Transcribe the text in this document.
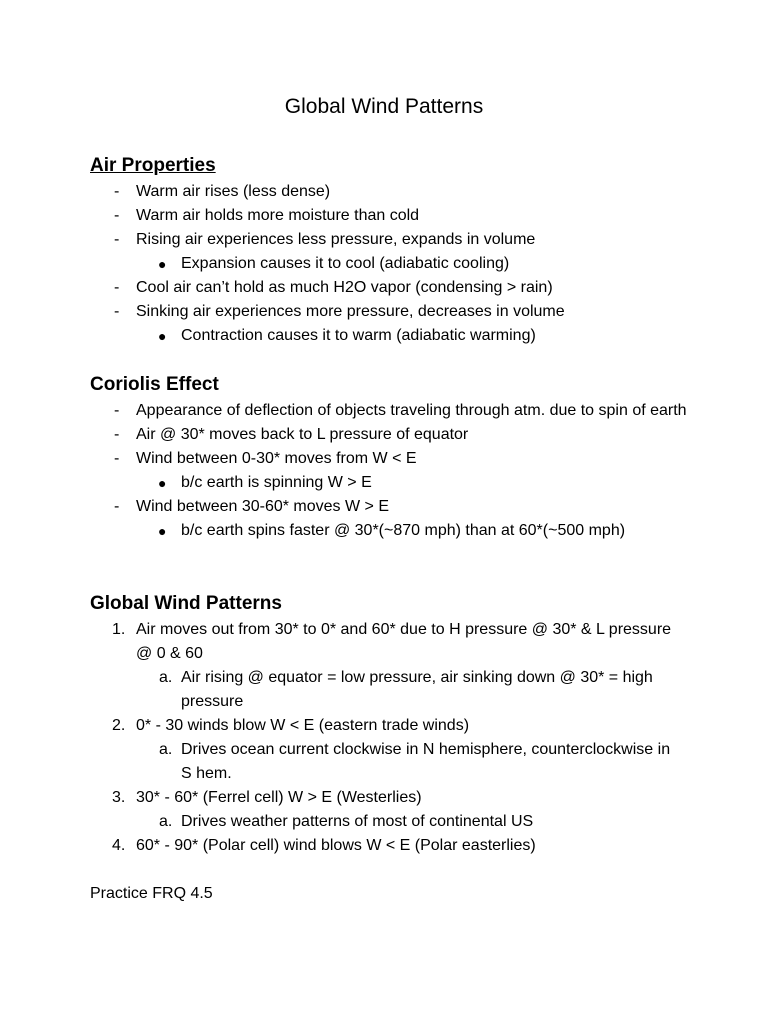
Global Wind Patterns
Air Properties
- Warm air rises (less dense)
- Warm air holds more moisture than cold
- Rising air experiences less pressure, expands in volume
● Expansion causes it to cool (adiabatic cooling)
- Cool air can’t hold as much H2O vapor (condensing > rain)
- Sinking air experiences more pressure, decreases in volume
● Contraction causes it to warm (adiabatic warming)
Coriolis Effect
- Appearance of deflection of objects traveling through atm. due to spin of earth
- Air @ 30* moves back to L pressure of equator
- Wind between 0-30* moves from W < E
● b/c earth is spinning W > E
- Wind between 30-60* moves W > E
● b/c earth spins faster @ 30*(~870 mph) than at 60*(~500 mph)
Global Wind Patterns
1. Air moves out from 30* to 0* and 60* due to H pressure @ 30* & L pressure @ 0 & 60
a. Air rising @ equator = low pressure, air sinking down @ 30* = high pressure
2. 0* - 30 winds blow W < E (eastern trade winds)
a. Drives ocean current clockwise in N hemisphere, counterclockwise in S hem.
3. 30* - 60* (Ferrel cell) W > E (Westerlies)
a. Drives weather patterns of most of continental US
4. 60* - 90* (Polar cell) wind blows W < E (Polar easterlies)
Practice FRQ 4.5
